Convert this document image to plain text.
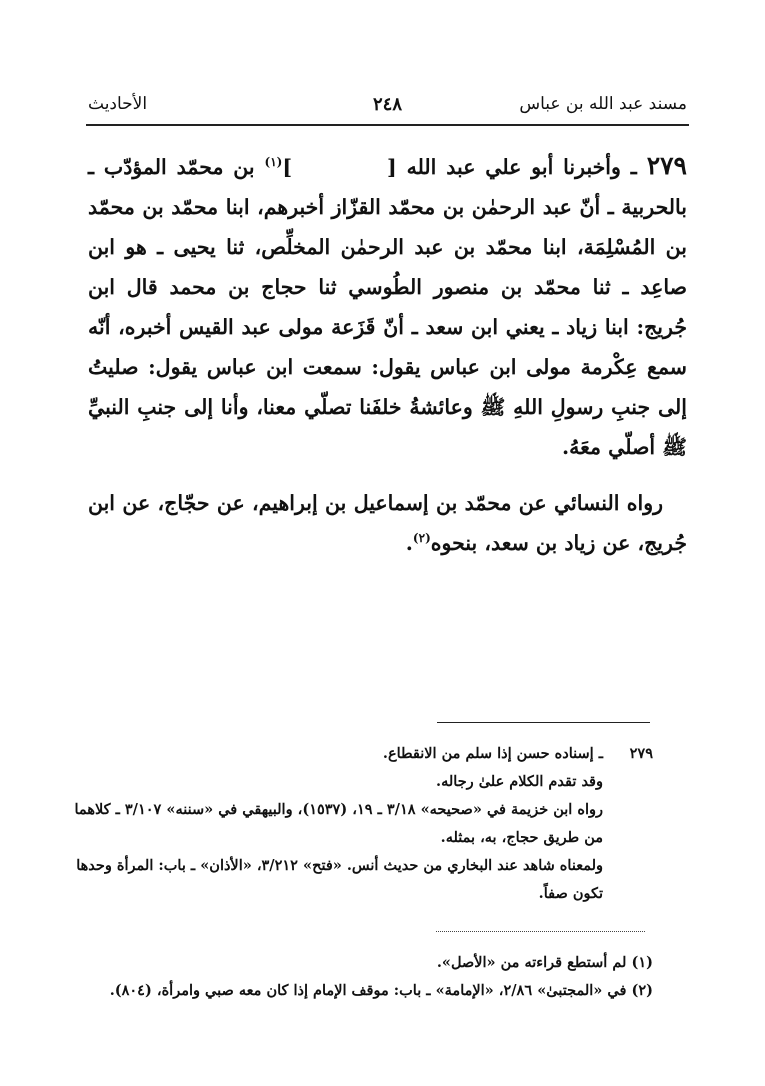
مسند عبد الله بن عباس
٢٤٨
الأحاديث

٢٧٩ ـ وأخبرنا أبو علي عبد الله []$^{(١)}$ بن محمّد المؤدّب ـ بالحربية ـ أنّ عبد الرحمٰن بن محمّد القزّاز أخبرهم، ابنا محمّد بن محمّد بن المُسْلِمَة، ابنا محمّد بن عبد الرحمٰن المخلِّص، ثنا يحيى ـ هو ابن صاعِد ـ ثنا محمّد بن منصور الطُوسي ثنا حجاج بن محمد قال ابن جُريج: ابنا زياد ـ يعني ابن سعد ـ أنّ قَزَعة مولى عبد القيس أخبره، أنّه سمع عِكْرمة مولى ابن عباس يقول: سمعت ابن عباس يقول: صليتُ إلى جنبِ رسولِ اللهِ ﷺ وعائشةُ خلفَنا تصلّي معنا، وأنا إلى جنبِ النبيِّ ﷺ أصلّي معَهُ.

رواه النسائي عن محمّد بن إسماعيل بن إبراهيم، عن حجّاج، عن ابن جُريج، عن زياد بن سعد، بنحوه$^{(٢)}$.

٢٧٩

ـ إسناده حسن إذا سلم من الانقطاع.

وقد تقدم الكلام علىٰ رجاله.

رواه ابن خزيمة في «صحيحه» ٣/١٨ ـ ١٩، (١٥٣٧)، والبيهقي في «سننه» ٣/١٠٧ ـ كلاهما من طريق حجاج، به، بمثله.

ولمعناه شاهد عند البخاري من حديث أنس. «فتح» ٣/٢١٢، «الأذان» ـ باب: المرأة وحدها تكون صفاً.

(١) لم أستطع قراءته من «الأصل».

(٢) في «المجتبیٰ» ٢/٨٦، «الإمامة» ـ باب: موقف الإمام إذا كان معه صبي وامرأة، (٨٠٤).
